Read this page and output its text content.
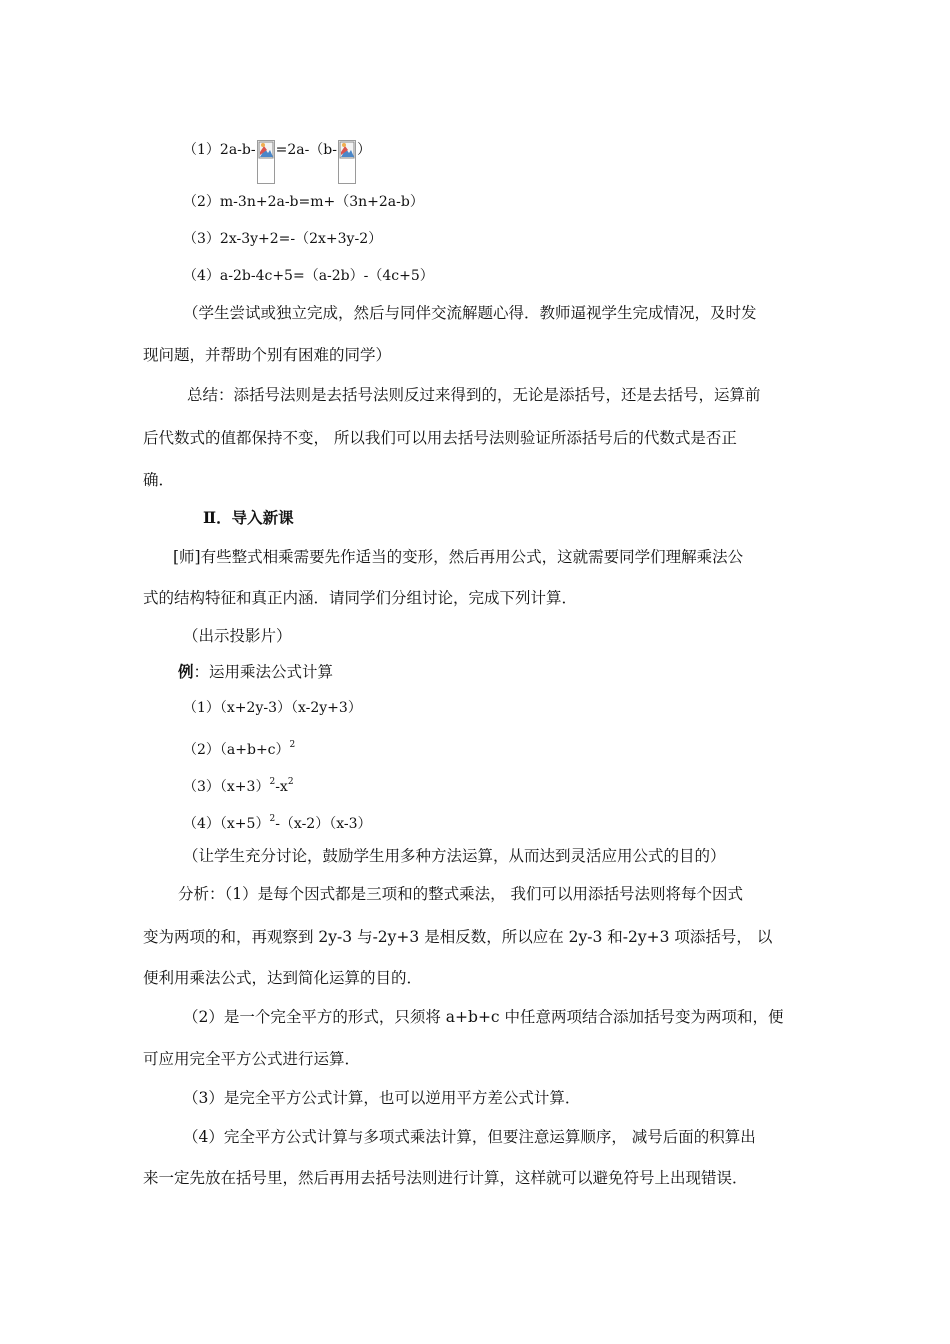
（1）2a-b- =2a-（b- ）
（2）m-3n+2a-b=m+（3n+2a-b）
（3）2x-3y+2=-（2x+3y-2）
（4）a-2b-4c+5=（a-2b）-（4c+5）
（学生尝试或独立完成，然后与同伴交流解题心得．教师逼视学生完成情况，及时发
现问题，并帮助个别有困难的同学）
总结：添括号法则是去括号法则反过来得到的，无论是添括号，还是去括号，运算前
后代数式的值都保持不变， 所以我们可以用去括号法则验证所添括号后的代数式是否正
确．
Ⅱ．导入新课
[师]有些整式相乘需要先作适当的变形，然后再用公式，这就需要同学们理解乘法公
式的结构特征和真正内涵．请同学们分组讨论，完成下列计算．
（出示投影片）
例：运用乘法公式计算
（1）（x+2y-3）（x-2y+3）
$(2)(a+b+c)^2$
$(3)(x+3)^2-x^2$
$(4)(x+5)^2-(x-2)(x-3)$
（让学生充分讨论，鼓励学生用多种方法运算，从而达到灵活应用公式的目的）
分析：（1）是每个因式都是三项和的整式乘法， 我们可以用添括号法则将每个因式
变为两项的和，再观察到 2y-3 与-2y+3 是相反数，所以应在 2y-3 和-2y+3 项添括号， 以
便利用乘法公式，达到简化运算的目的．
（2）是一个完全平方的形式，只须将 a+b+c 中任意两项结合添加括号变为两项和，便
可应用完全平方公式进行运算．
（3）是完全平方公式计算，也可以逆用平方差公式计算．
（4）完全平方公式计算与多项式乘法计算，但要注意运算顺序， 减号后面的积算出
来一定先放在括号里，然后再用去括号法则进行计算，这样就可以避免符号上出现错误．
